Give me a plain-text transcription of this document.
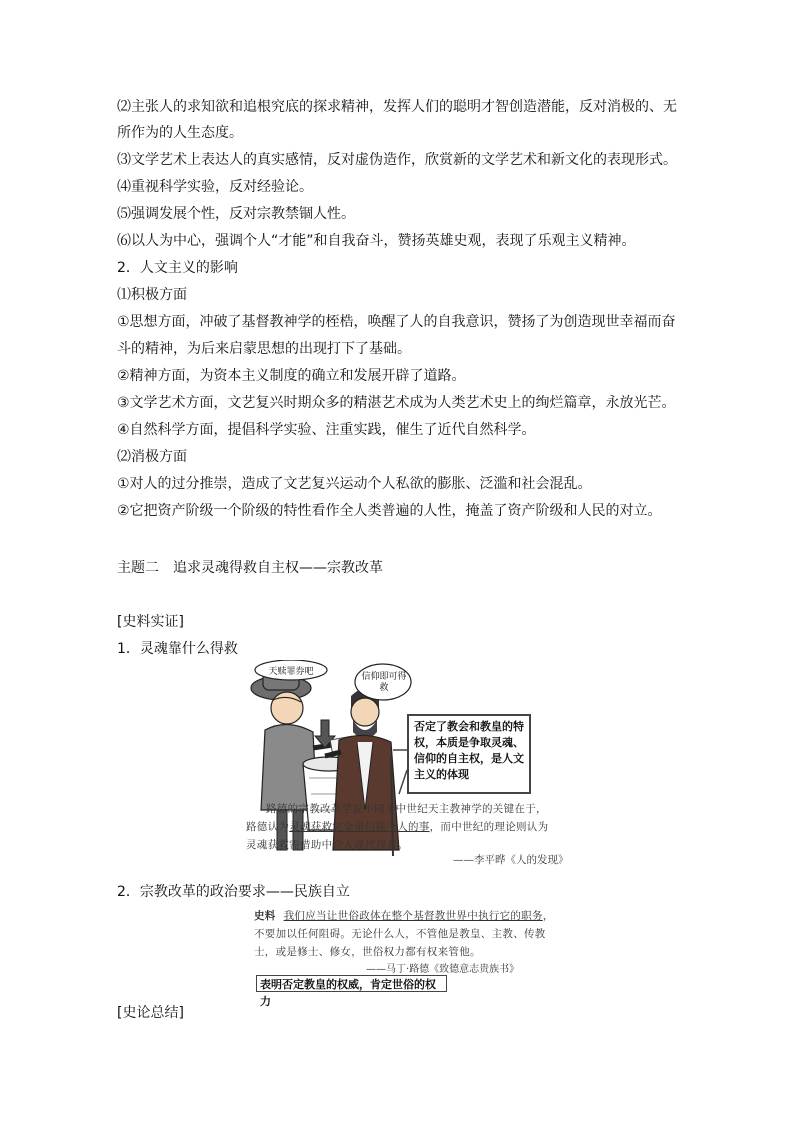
⑵主张人的求知欲和追根究底的探求精神，发挥人们的聪明才智创造潜能，反对消极的、无
所作为的人生态度。
⑶文学艺术上表达人的真实感情，反对虚伪造作，欣赏新的文学艺术和新文化的表现形式。
⑷重视科学实验，反对经验论。
⑸强调发展个性，反对宗教禁锢人性。
⑹以人为中心，强调个人“才能”和自我奋斗，赞扬英雄史观，表现了乐观主义精神。
2．人文主义的影响
⑴积极方面
①思想方面，冲破了基督教神学的桎梏，唤醒了人的自我意识，赞扬了为创造现世幸福而奋
斗的精神，为后来启蒙思想的出现打下了基础。
②精神方面，为资本主义制度的确立和发展开辟了道路。
③文学艺术方面，文艺复兴时期众多的精湛艺术成为人类艺术史上的绚烂篇章，永放光芒。
④自然科学方面，提倡科学实验、注重实践，催生了近代自然科学。
⑵消极方面
①对人的过分推崇，造成了文艺复兴运动个人私欲的膨胀、泛滥和社会混乱。
②它把资产阶级一个阶级的特性看作全人类普遍的人性，掩盖了资产阶级和人民的对立。
主题二　追求灵魂得救自主权——宗教改革
[史料实证]
1．灵魂靠什么得救
天赎罪券吧	信仰即可得救
否定了教会和教皇的特权，本质是争取灵魂、信仰的自主权，是人文主义的体现
路德的宗教改革学说不同于中世纪天主教神学的关键在于，路德认为灵魂获救完全是信徒个人的事，而中世纪的理论则认为灵魂获救需借助中介人或代祷者。
——李平晔《人的发现》
2．宗教改革的政治要求——民族自立
史料 我们应当让世俗政体在整个基督教世界中执行它的职务，不要加以任何阻碍。无论什么人，不管他是教皇、主教、传教士，或是修士、修女，世俗权力都有权来管他。
——马丁·路德《致德意志贵族书》
表明否定教皇的权威，肯定世俗的权力
[史论总结]
